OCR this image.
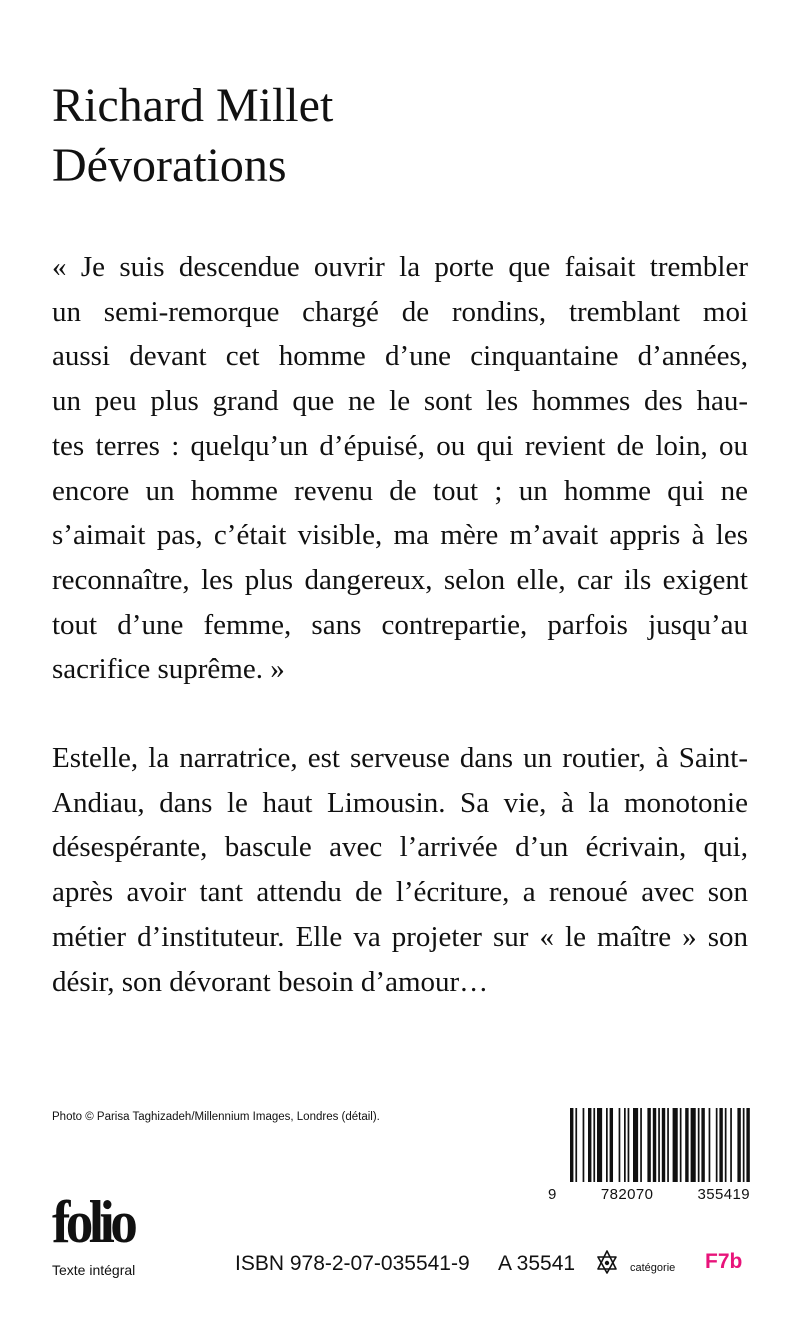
Richard Millet
Dévorations
« Je suis descendue ouvrir la porte que faisait trembler
un semi-remorque chargé de rondins, tremblant moi
aussi devant cet homme d’une cinquantaine d’années,
un peu plus grand que ne le sont les hommes des hau-
tes terres : quelqu’un d’épuisé, ou qui revient de loin, ou
encore un homme revenu de tout ; un homme qui ne
s’aimait pas, c’était visible, ma mère m’avait appris à les
reconnaître, les plus dangereux, selon elle, car ils exigent
tout d’une femme, sans contrepartie, parfois jusqu’au
sacrifice suprême. »
Estelle, la narratrice, est serveuse dans un routier, à Saint-
Andiau, dans le haut Limousin. Sa vie, à la monotonie
désespérante, bascule avec l’arrivée d’un écrivain, qui,
après avoir tant attendu de l’écriture, a renoué avec son
métier d’instituteur. Elle va projeter sur « le maître » son
désir, son dévorant besoin d’amour…
Photo © Parisa Taghizadeh/Millennium Images, Londres (détail).
9	782070	355419
folio
Texte intégral	ISBN 978-2-07-035541-9 A 35541	catégorie F7b
